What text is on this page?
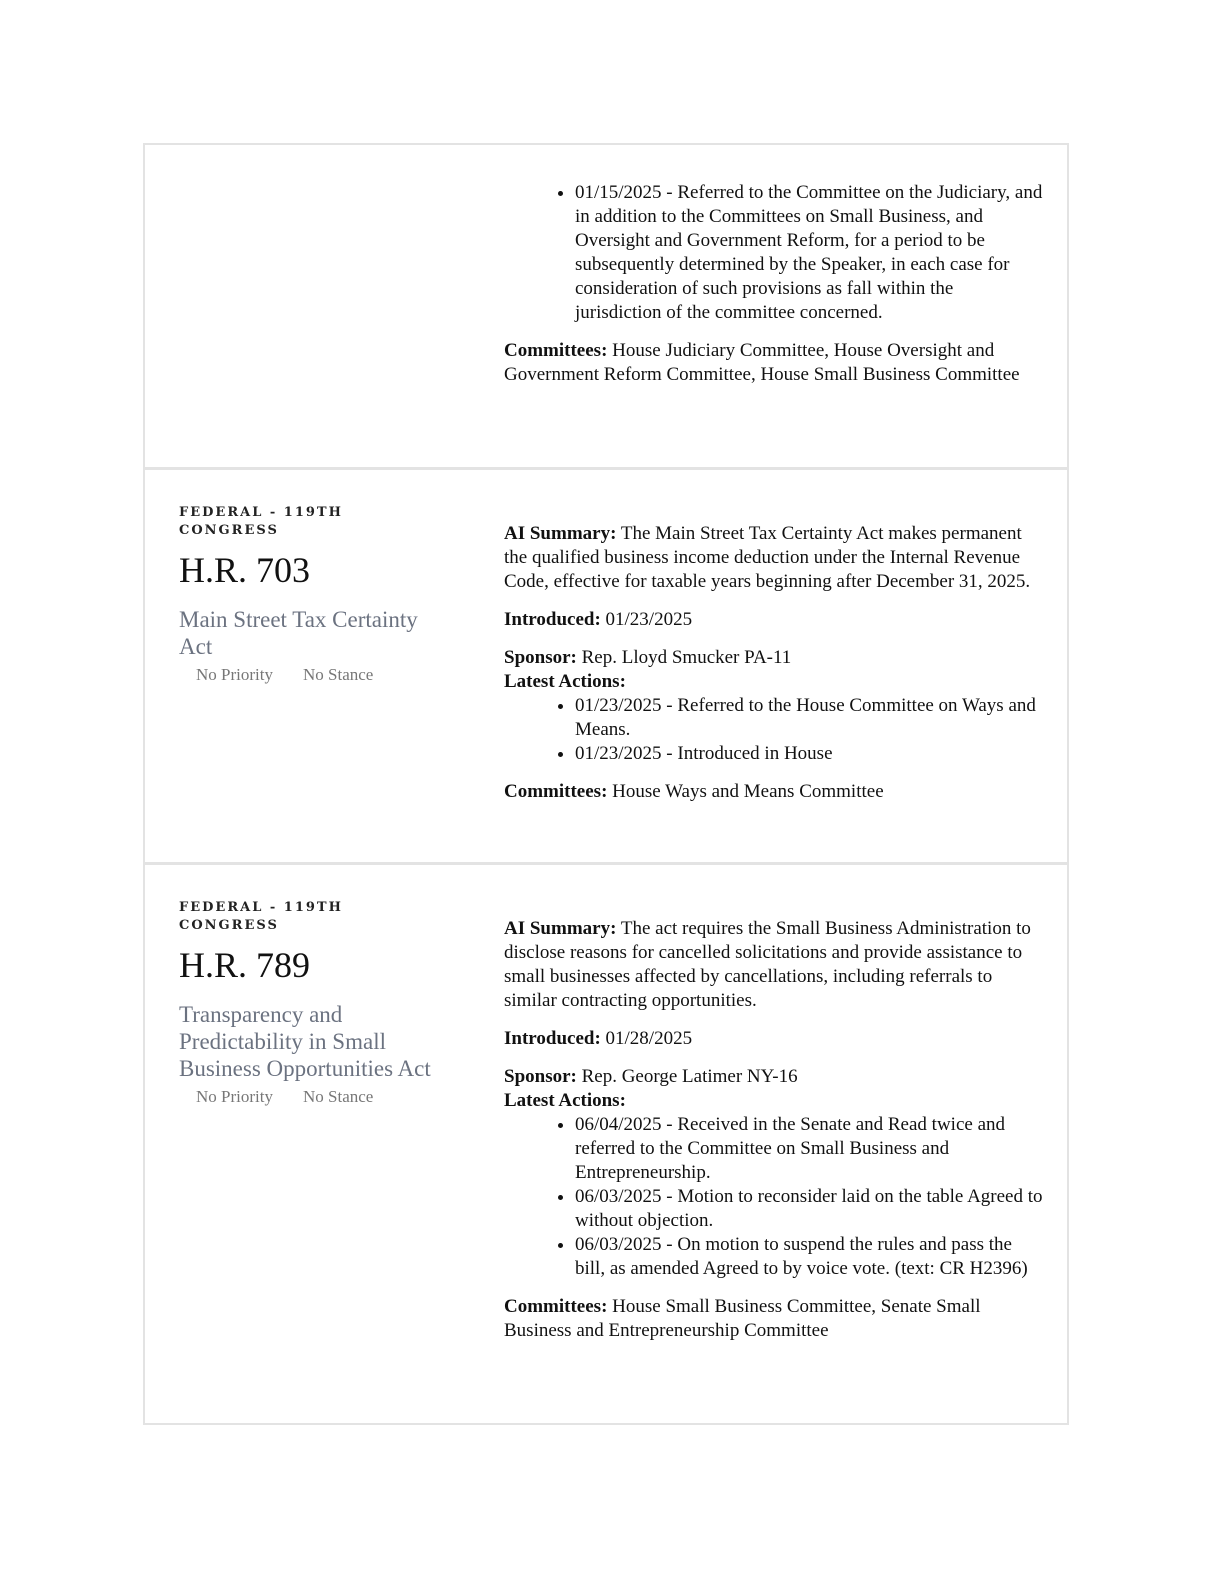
• 01/15/2025 - Referred to the Committee on the Judiciary, and in addition to the Committees on Small Business, and Oversight and Government Reform, for a period to be subsequently determined by the Speaker, in each case for consideration of such provisions as fall within the jurisdiction of the committee concerned.

Committees: House Judiciary Committee, House Oversight and Government Reform Committee, House Small Business Committee

FEDERAL - 119TH CONGRESS
H.R. 703
Main Street Tax Certainty Act
No Priority No Stance

AI Summary: The Main Street Tax Certainty Act makes permanent the qualified business income deduction under the Internal Revenue Code, effective for taxable years beginning after December 31, 2025.

Introduced: 01/23/2025

Sponsor: Rep. Lloyd Smucker PA-11

Latest Actions:
• 01/23/2025 - Referred to the House Committee on Ways and Means.
• 01/23/2025 - Introduced in House

Committees: House Ways and Means Committee

FEDERAL - 119TH CONGRESS
H.R. 789
Transparency and Predictability in Small Business Opportunities Act
No Priority No Stance

AI Summary: The act requires the Small Business Administration to disclose reasons for cancelled solicitations and provide assistance to small businesses affected by cancellations, including referrals to similar contracting opportunities.

Introduced: 01/28/2025

Sponsor: Rep. George Latimer NY-16

Latest Actions:
• 06/04/2025 - Received in the Senate and Read twice and referred to the Committee on Small Business and Entrepreneurship.
• 06/03/2025 - Motion to reconsider laid on the table Agreed to without objection.
• 06/03/2025 - On motion to suspend the rules and pass the bill, as amended Agreed to by voice vote. (text: CR H2396)

Committees: House Small Business Committee, Senate Small Business and Entrepreneurship Committee
